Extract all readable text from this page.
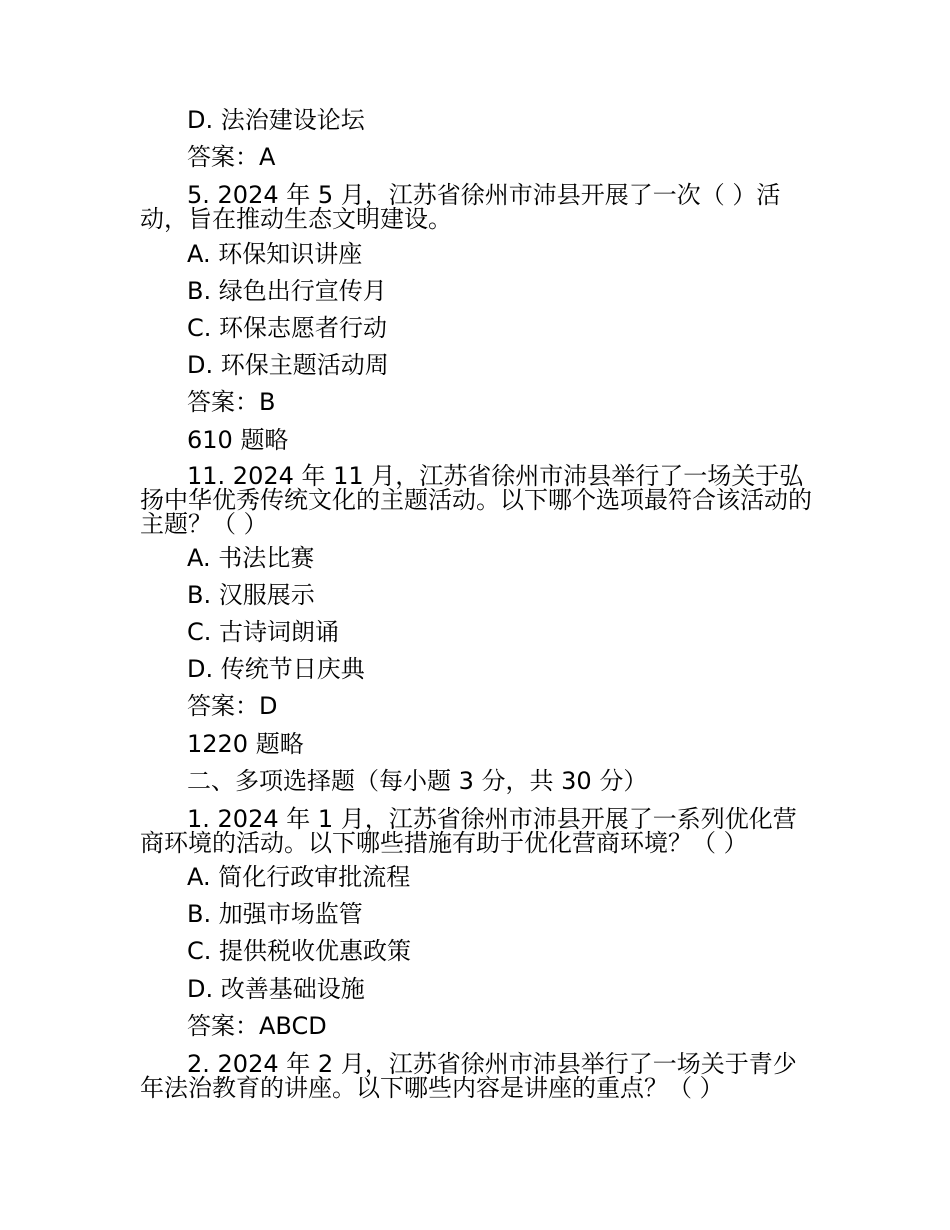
D. 法治建设论坛
答案：A
5. 2024 年 5 月，江苏省徐州市沛县开展了一次（ ）活动，旨在推动生态文明建设。
A. 环保知识讲座
B. 绿色出行宣传月
C. 环保志愿者行动
D. 环保主题活动周
答案：B
610 题略
11. 2024 年 11 月，江苏省徐州市沛县举行了一场关于弘扬中华优秀传统文化的主题活动。以下哪个选项最符合该活动的主题？（ ）
A. 书法比赛
B. 汉服展示
C. 古诗词朗诵
D. 传统节日庆典
答案：D
1220 题略
二、多项选择题（每小题 3 分，共 30 分）
1. 2024 年 1 月，江苏省徐州市沛县开展了一系列优化营商环境的活动。以下哪些措施有助于优化营商环境？（ ）
A. 简化行政审批流程
B. 加强市场监管
C. 提供税收优惠政策
D. 改善基础设施
答案：ABCD
2. 2024 年 2 月，江苏省徐州市沛县举行了一场关于青少年法治教育的讲座。以下哪些内容是讲座的重点？（ ）
